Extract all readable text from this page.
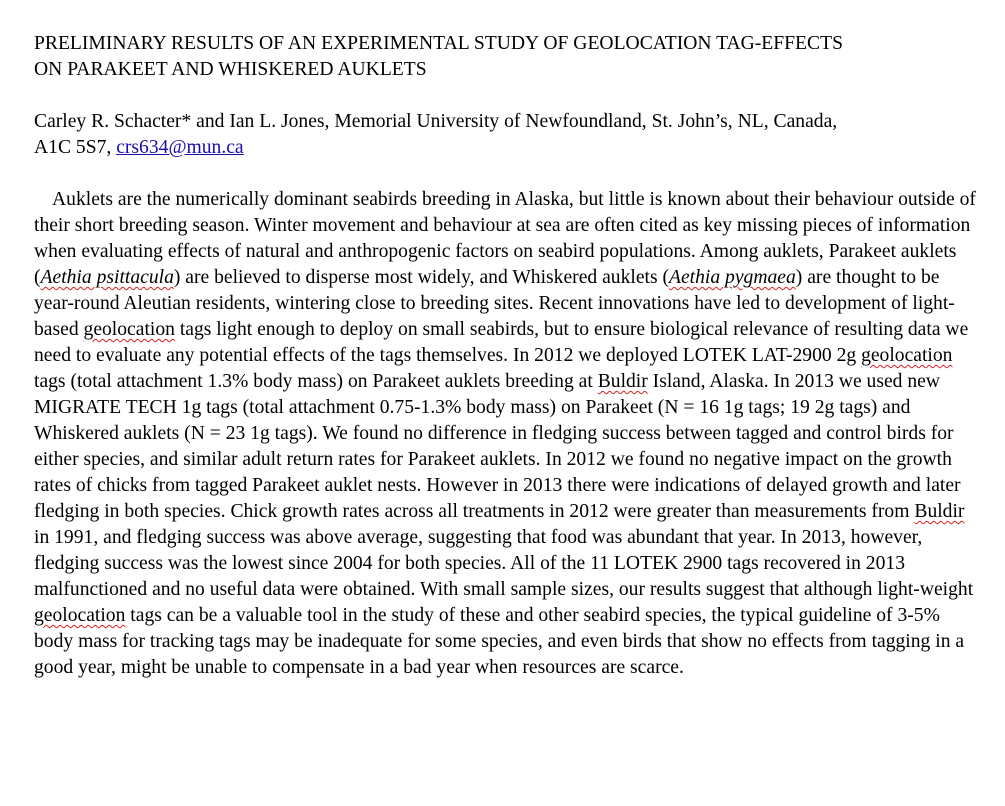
PRELIMINARY RESULTS OF AN EXPERIMENTAL STUDY OF GEOLOCATION TAG-EFFECTS
ON PARAKEET AND WHISKERED AUKLETS

Carley R. Schacter* and Ian L. Jones, Memorial University of Newfoundland, St. John’s, NL, Canada,
A1C 5S7, crs634@mun.ca

Auklets are the numerically dominant seabirds breeding in Alaska, but little is known about their behaviour outside of their short breeding season. Winter movement and behaviour at sea are often cited as key missing pieces of information when evaluating effects of natural and anthropogenic factors on seabird populations. Among auklets, Parakeet auklets (Aethia psittacula) are believed to disperse most widely, and Whiskered auklets (Aethia pygmaea) are thought to be year-round Aleutian residents, wintering close to breeding sites. Recent innovations have led to development of light-based geolocation tags light enough to deploy on small seabirds, but to ensure biological relevance of resulting data we need to evaluate any potential effects of the tags themselves. In 2012 we deployed LOTEK LAT-2900 2g geolocation tags (total attachment 1.3% body mass) on Parakeet auklets breeding at Buldir Island, Alaska. In 2013 we used new MIGRATE TECH 1g tags (total attachment 0.75-1.3% body mass) on Parakeet (N = 16 1g tags; 19 2g tags) and Whiskered auklets (N = 23 1g tags). We found no difference in fledging success between tagged and control birds for either species, and similar adult return rates for Parakeet auklets. In 2012 we found no negative impact on the growth rates of chicks from tagged Parakeet auklet nests. However in 2013 there were indications of delayed growth and later fledging in both species. Chick growth rates across all treatments in 2012 were greater than measurements from Buldir in 1991, and fledging success was above average, suggesting that food was abundant that year. In 2013, however, fledging success was the lowest since 2004 for both species. All of the 11 LOTEK 2900 tags recovered in 2013 malfunctioned and no useful data were obtained. With small sample sizes, our results suggest that although light-weight geolocation tags can be a valuable tool in the study of these and other seabird species, the typical guideline of 3-5% body mass for tracking tags may be inadequate for some species, and even birds that show no effects from tagging in a good year, might be unable to compensate in a bad year when resources are scarce.
